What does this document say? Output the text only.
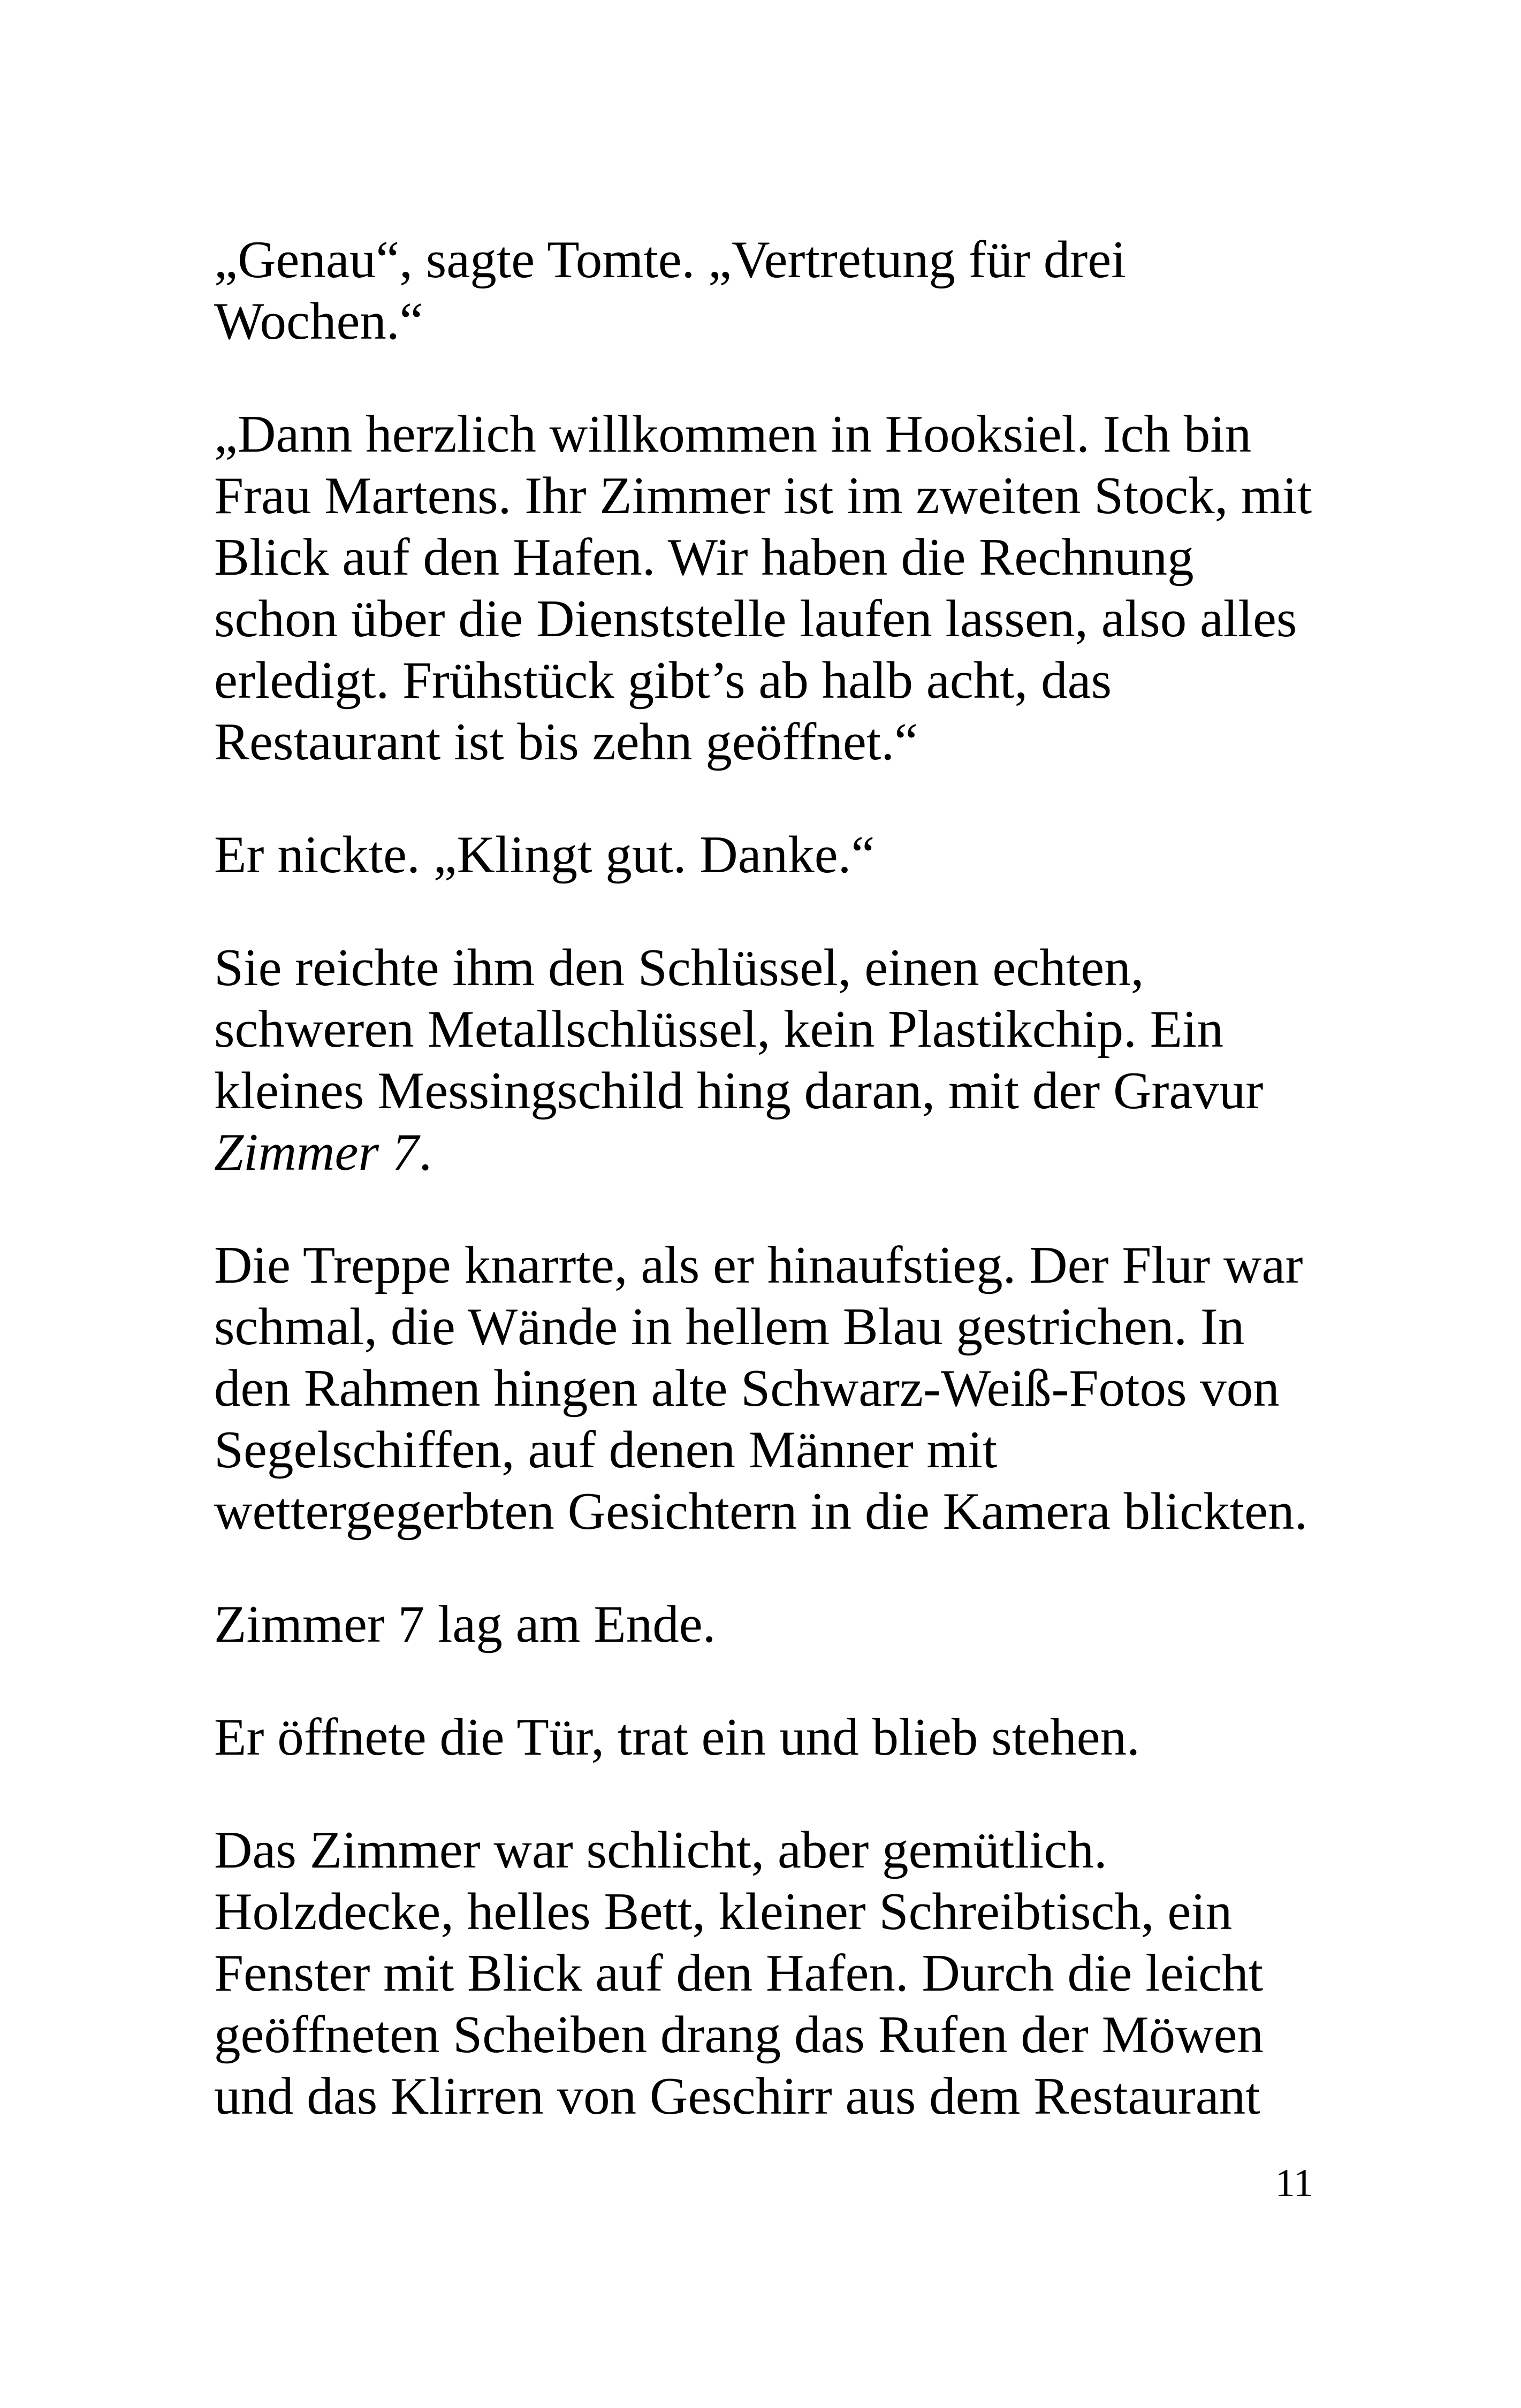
„Genau“, sagte Tomte. „Vertretung für drei
Wochen.“

„Dann herzlich willkommen in Hooksiel. Ich bin
Frau Martens. Ihr Zimmer ist im zweiten Stock, mit
Blick auf den Hafen. Wir haben die Rechnung
schon über die Dienststelle laufen lassen, also alles
erledigt. Frühstück gibt’s ab halb acht, das
Restaurant ist bis zehn geöffnet.“

Er nickte. „Klingt gut. Danke.“

Sie reichte ihm den Schlüssel, einen echten,
schweren Metallschlüssel, kein Plastikchip. Ein
kleines Messingschild hing daran, mit der Gravur
Zimmer 7.

Die Treppe knarrte, als er hinaufstieg. Der Flur war
schmal, die Wände in hellem Blau gestrichen. In
den Rahmen hingen alte Schwarz-Weiß-Fotos von
Segelschiffen, auf denen Männer mit
wettergegerbten Gesichtern in die Kamera blickten.

Zimmer 7 lag am Ende.

Er öffnete die Tür, trat ein und blieb stehen.

Das Zimmer war schlicht, aber gemütlich.
Holzdecke, helles Bett, kleiner Schreibtisch, ein
Fenster mit Blick auf den Hafen. Durch die leicht
geöffneten Scheiben drang das Rufen der Möwen
und das Klirren von Geschirr aus dem Restaurant

11
